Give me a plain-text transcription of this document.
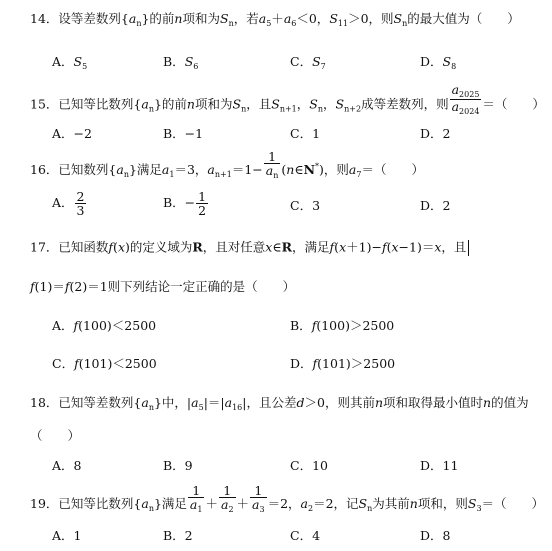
14．设等差数列$\{a_n\}$的前n项和为$S_n$，若$a_5+a_6<0$，$S_{11}>0$，则$S_n$的最大值为（　　）
A．$S_5$	B．$S_6$	C．$S_7$	D．$S_8$
15．已知等比数列$\{a_n\}$的前n项和为$S_n$，且$S_{n+1}$，$S_n$，$S_{n+2}$成等差数列，则 $\frac{a_{2025}}{a_{2024}}$ ＝（　　）
A．−2	B．−1	C．1	D．2
16．已知数列$\{a_n\}$满足$a_1=3$，$a_{n+1}=1- \frac{1}{a_n}$ (n∈N*)，则$a_7=$（　　）
A． $\frac{2}{3}$	B．− $\frac{1}{2}$	C．3	D．2
17．已知函数f(x)的定义域为R，且对任意x∈R，满足f(x＋1)−f(x−1)＝x，且
f(1)＝f(2)＝1则下列结论一定正确的是（　　）
A．f(100)＜2500	B．f(100)＞2500
C．f(101)＜2500	D．f(101)＞2500
18．已知等差数列$\{a_n\}$中，$|a_5|=|a_{16}|$，且公差d＞0，则其前n项和取得最小值时n的值为
（　　）
A．8	B．9	C．10	D．11
19．已知等比数列$\{a_n\}$满足 $\frac{1}{a_1} + \frac{1}{a_2} + \frac{1}{a_3} =2$，$a_2=2$，记$S_n$为其前n项和，则$S_3=$（　　）
A．1	B．2	C．4	D．8
